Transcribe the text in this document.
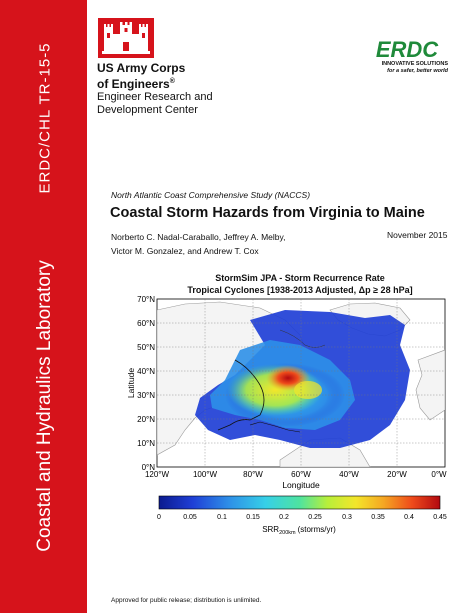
ERDC/CHL TR-15-5
Coastal and Hydraulics Laboratory
US Army Corps
of Engineers®
Engineer Research and
Development Center
ERDC
INNOVATIVE SOLUTIONS
for a safer, better world
North Atlantic Coast Comprehensive Study (NACCS)
Coastal Storm Hazards from Virginia to Maine
Norberto C. Nadal-Caraballo, Jeffrey A. Melby,
Victor M. Gonzalez, and Andrew T. Cox
November 2015
StormSim JPA - Storm Recurrence Rate
Tropical Cyclones [1938-2013 Adjusted, Δp ≥ 28 hPa]
70°N
60°N
50°N
40°N
30°N
20°N
10°N
0°N
120°W	100°W	80°W	60°W	40°W	20°W	0°W
Latitude
Longitude
0	0.05	0.1	0.15	0.2	0.25	0.3	0.35	0.4	0.45
$SRR_{200km}$ (storms/yr)
Approved for public release; distribution is unlimited.
